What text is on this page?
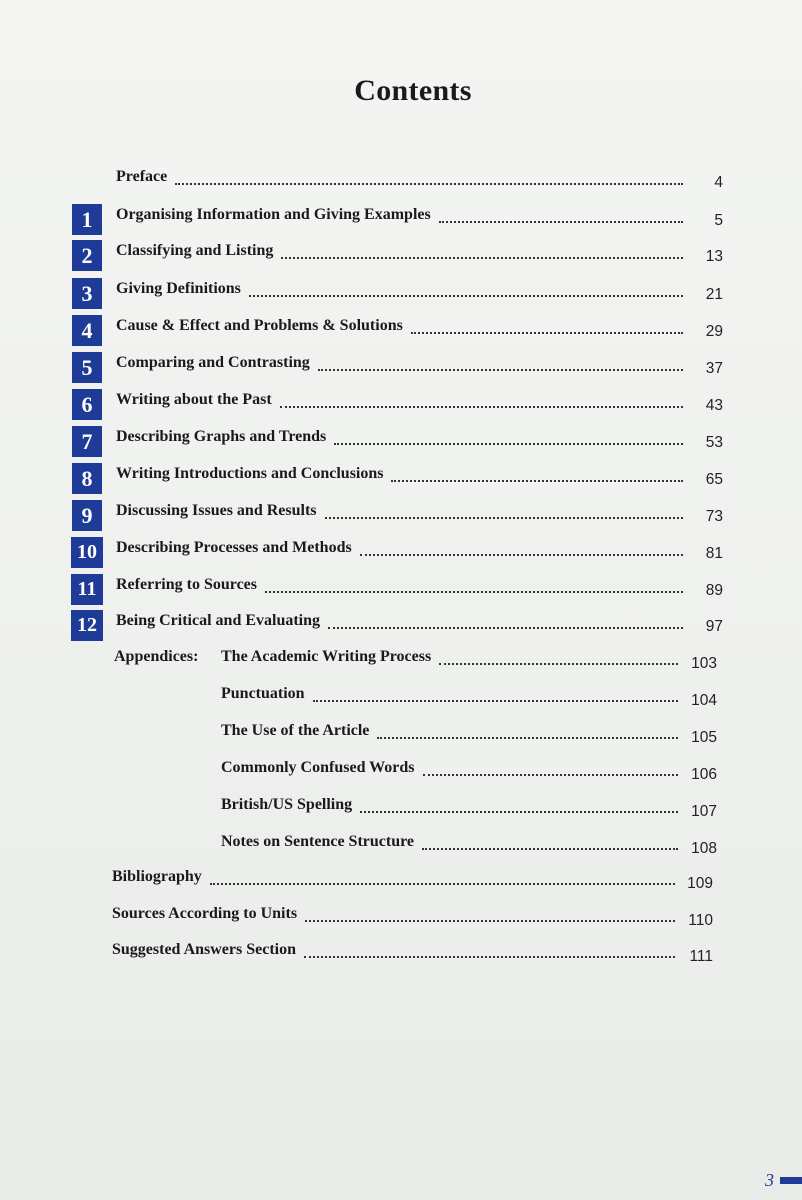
Contents
Preface	4
1	Organising Information and Giving Examples	5
2	Classifying and Listing	13
3	Giving Definitions	21
4	Cause & Effect and Problems & Solutions	29
5	Comparing and Contrasting	37
6	Writing about the Past	43
7	Describing Graphs and Trends	53
8	Writing Introductions and Conclusions	65
9	Discussing Issues and Results	73
10	Describing Processes and Methods	81
11	Referring to Sources	89
12	Being Critical and Evaluating	97
Appendices: The Academic Writing Process	103
Punctuation	104
The Use of the Article	105
Commonly Confused Words	106
British/US Spelling	107
Notes on Sentence Structure	108
Bibliography	109
Sources According to Units	110
Suggested Answers Section	111
3
